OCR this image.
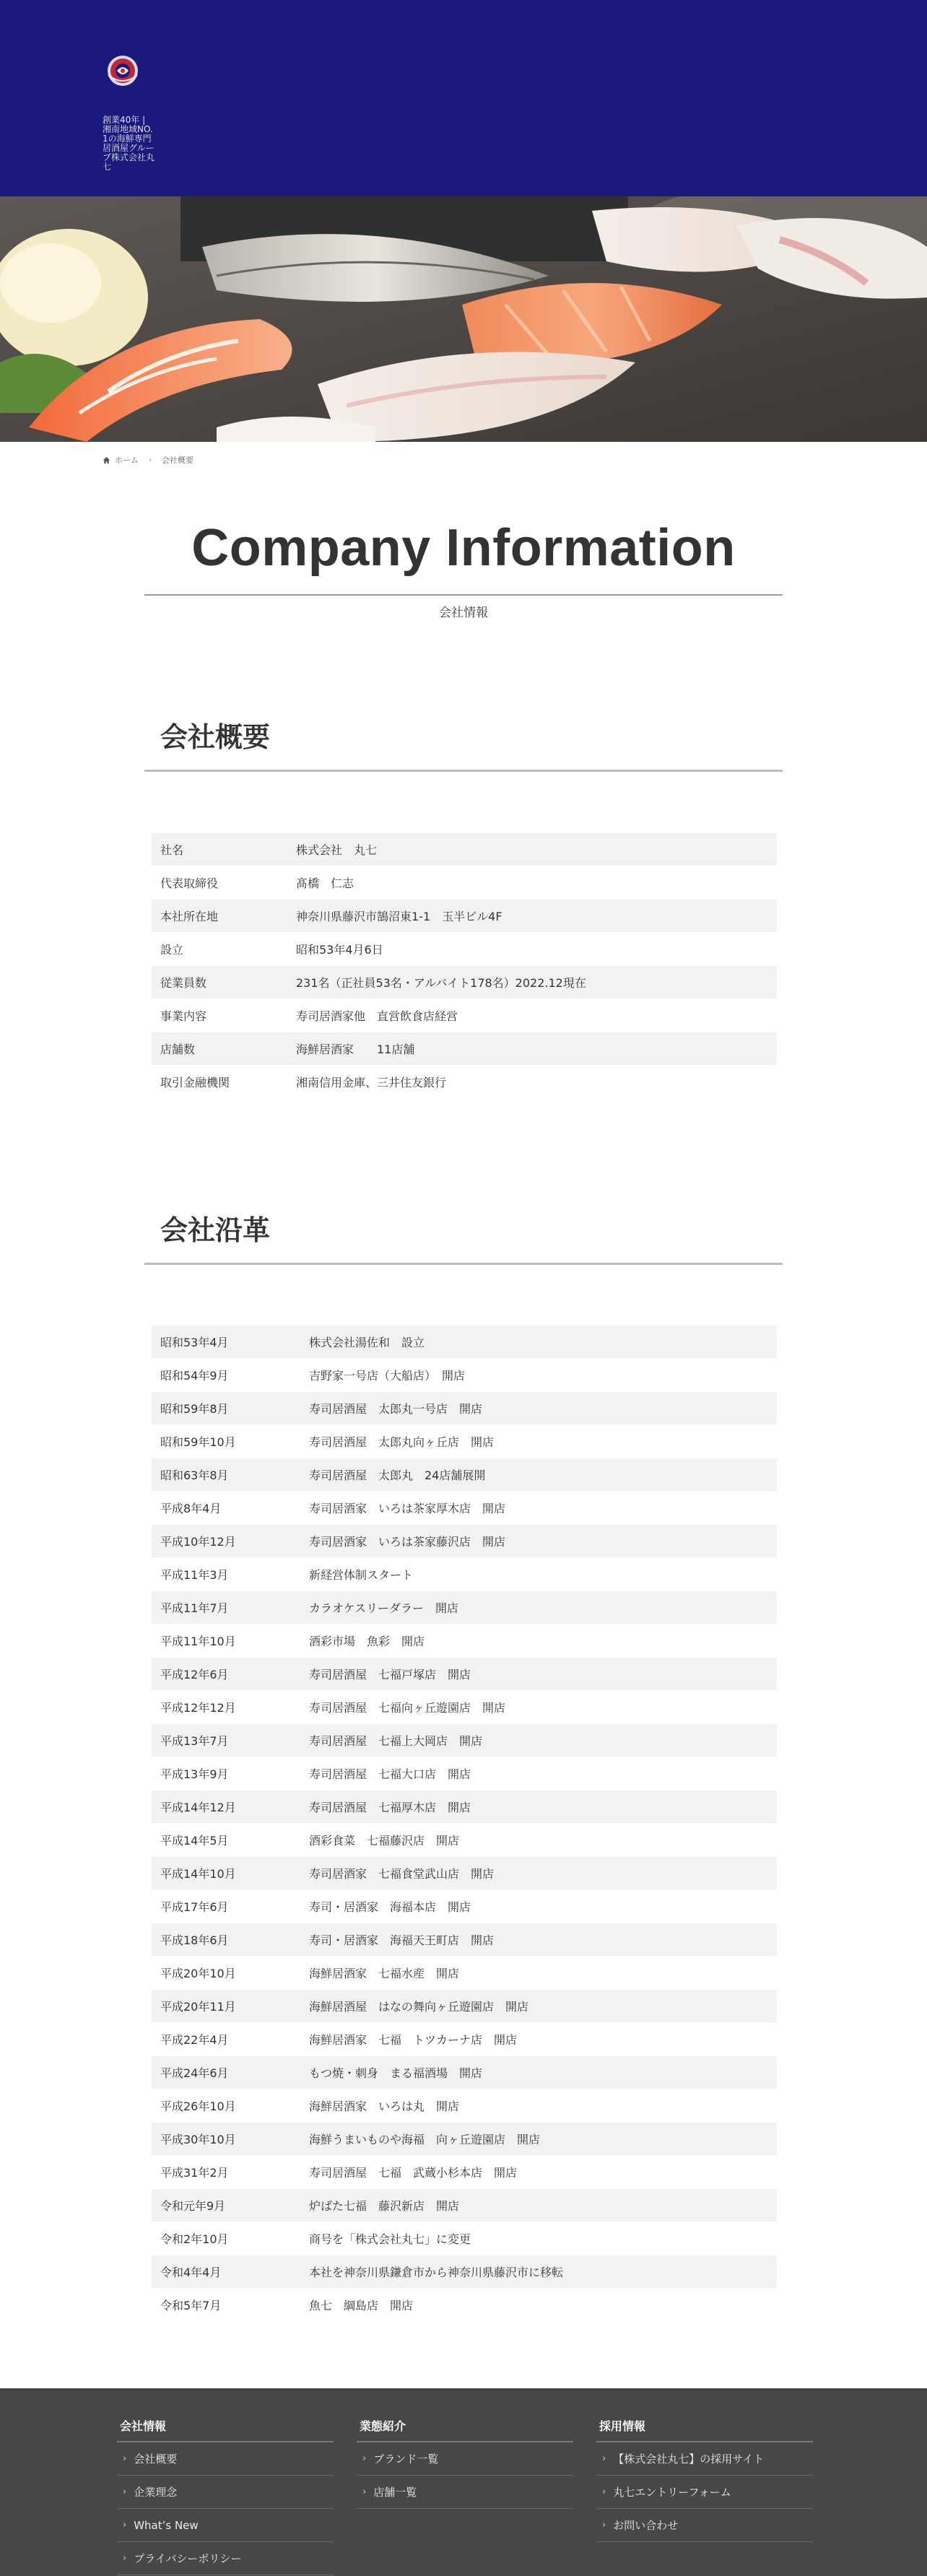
創業40年 | 湘南地域NO.1の海鮮専門居酒屋グループ株式会社丸七
ホーム › 会社概要
Company Information
会社情報
会社概要
社名	株式会社　丸七
代表取締役	髙橋　仁志
本社所在地	神奈川県藤沢市鵠沼東1-1　玉半ビル4F
設立	昭和53年4月6日
従業員数	231名（正社員53名・アルバイト178名）2022.12現在
事業内容	寿司居酒家他　直営飲食店経営
店舗数	海鮮居酒家　　11店舗
取引金融機関	湘南信用金庫、三井住友銀行
会社沿革
昭和53年4月	株式会社湯佐和　設立
昭和54年9月	吉野家一号店（大船店）　開店
昭和59年8月	寿司居酒屋　太郎丸一号店　開店
昭和59年10月	寿司居酒屋　太郎丸向ヶ丘店　開店
昭和63年8月	寿司居酒屋　太郎丸　24店舗展開
平成8年4月	寿司居酒家　いろは茶家厚木店　開店
平成10年12月	寿司居酒家　いろは茶家藤沢店　開店
平成11年3月	新経営体制スタート
平成11年7月	カラオケスリーダラー　開店
平成11年10月	酒彩市場　魚彩　開店
平成12年6月	寿司居酒屋　七福戸塚店　開店
平成12年12月	寿司居酒屋　七福向ヶ丘遊園店　開店
平成13年7月	寿司居酒屋　七福上大岡店　開店
平成13年9月	寿司居酒屋　七福大口店　開店
平成14年12月	寿司居酒屋　七福厚木店　開店
平成14年5月	酒彩食菜　七福藤沢店　開店
平成14年10月	寿司居酒家　七福食堂武山店　開店
平成17年6月	寿司・居酒家　海福本店　開店
平成18年6月	寿司・居酒家　海福天王町店　開店
平成20年10月	海鮮居酒家　七福水産　開店
平成20年11月	海鮮居酒屋　はなの舞向ヶ丘遊園店　開店
平成22年4月	海鮮居酒家　七福　トツカーナ店　開店
平成24年6月	もつ焼・刺身　まる福酒場　開店
平成26年10月	海鮮居酒家　いろは丸　開店
平成30年10月	海鮮うまいものや海福　向ヶ丘遊園店　開店
平成31年2月	寿司居酒屋　七福　武蔵小杉本店　開店
令和元年9月	炉ばた七福　藤沢新店　開店
令和2年10月	商号を「株式会社丸七」に変更
令和4年4月	本社を神奈川県鎌倉市から神奈川県藤沢市に移転
令和5年7月	魚七　綱島店　開店
会社情報
› 会社概要
› 企業理念
› What’s New
› プライバシーポリシー
業態紹介
› ブランド一覧
› 店舗一覧
採用情報
› 【株式会社丸七】の採用サイト
› 丸七エントリーフォーム
› お問い合わせ
